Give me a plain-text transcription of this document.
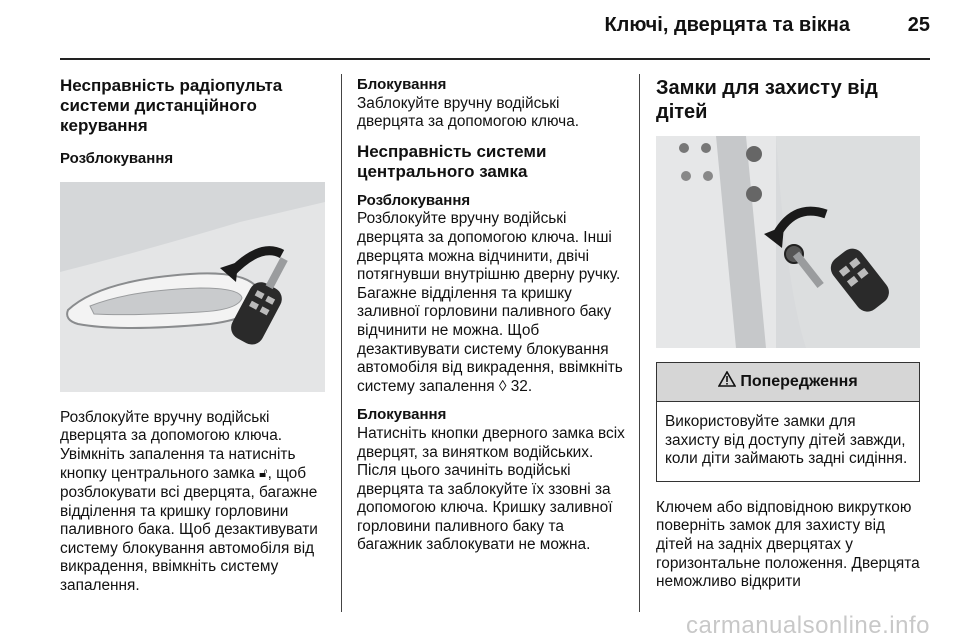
Ключі, дверцята та вікна	25

Несправність радіопульта системи дистанційного керування

Розблокування

Розблокуйте вручну водійські дверцята за допомогою ключа. Увімкніть запалення та натисніть кнопку центрального замка 🔓︎, щоб розблокувати всі дверцята, багажне відділення та кришку горловини паливного бака. Щоб дезактивувати систему блокування автомобіля від викрадення, ввімкніть систему запалення.

Блокування

Заблокуйте вручну водійські дверцята за допомогою ключа.

Несправність системи центрального замка

Розблокування

Розблокуйте вручну водійські дверцята за допомогою ключа. Інші дверцята можна відчинити, двічі потягнувши внутрішню дверну ручку. Багажне відділення та кришку заливної горловини паливного баку відчинити не можна. Щоб дезактивувати систему блокування автомобіля від викрадення, ввімкніть систему запалення ◊ 32.

Блокування

Натисніть кнопки дверного замка всіх дверцят, за винятком водійських. Після цього зачиніть водійські дверцята та заблокуйте їх ззовні за допомогою ключа. Кришку заливної горловини паливного баку та багажник заблокувати не можна.

Замки для захисту від дітей

Попередження
Використовуйте замки для захисту від доступу дітей завжди, коли діти займають задні сидіння.

Ключем або відповідною викруткою поверніть замок для захисту від дітей на задніх дверцятах у горизонтальне положення. Дверцята неможливо відкрити

carmanualsonline.info
